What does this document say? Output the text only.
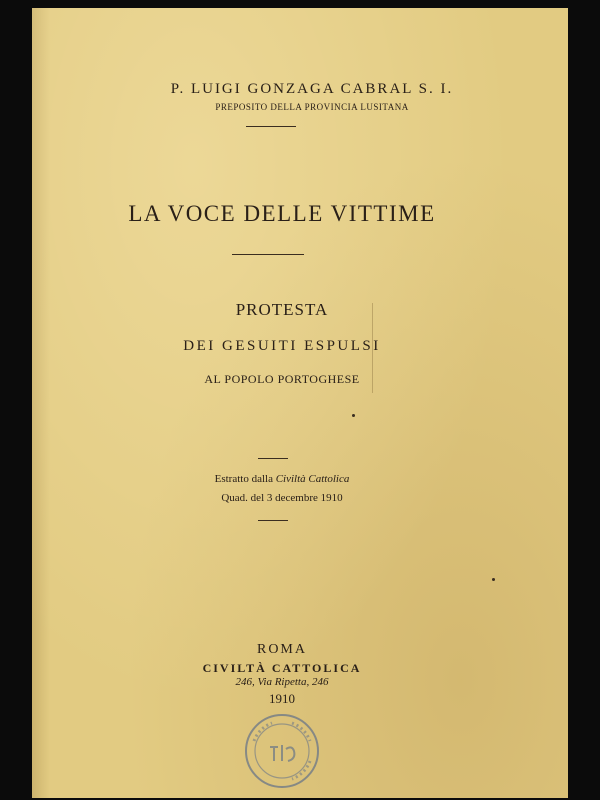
P. LUIGI GONZAGA CABRAL S. I.
PREPOSITO DELLA PROVINCIA LUSITANA
LA VOCE DELLE VITTIME
PROTESTA
DEI GESUITI ESPULSI
AL POPOLO PORTOGHESE
Estratto dalla Civiltà Cattolica
Quad. del 3 decembre 1910
ROMA
CIVILTÀ CATTOLICA
246, Via Ripetta, 246
1910
